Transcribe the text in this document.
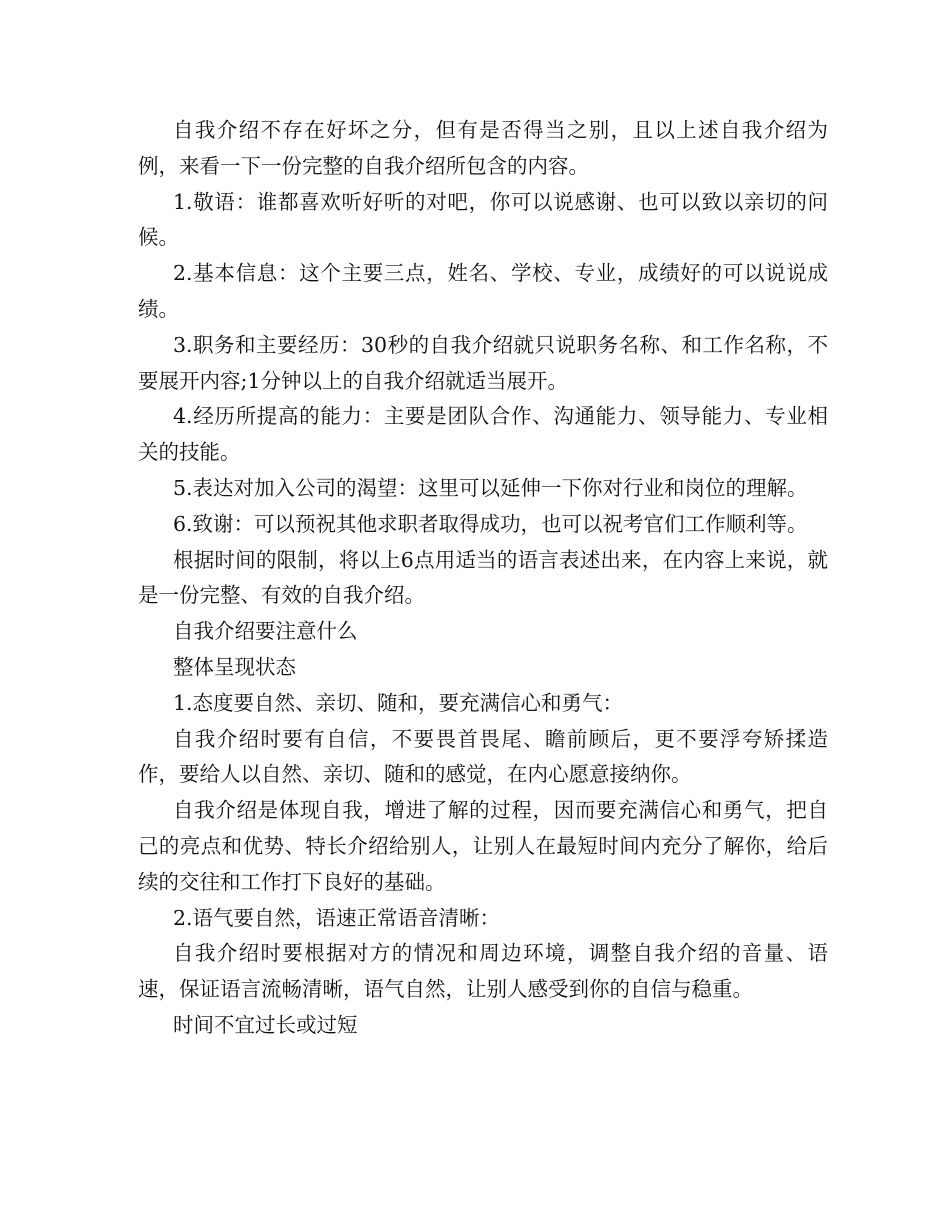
自我介绍不存在好坏之分，但有是否得当之别，且以上述自我介绍为例，来看一下一份完整的自我介绍所包含的内容。

1.敬语：谁都喜欢听好听的对吧，你可以说感谢、也可以致以亲切的问候。

2.基本信息：这个主要三点，姓名、学校、专业，成绩好的可以说说成绩。

3.职务和主要经历：30秒的自我介绍就只说职务名称、和工作名称，不要展开内容;1分钟以上的自我介绍就适当展开。

4.经历所提高的能力：主要是团队合作、沟通能力、领导能力、专业相关的技能。

5.表达对加入公司的渴望：这里可以延伸一下你对行业和岗位的理解。

6.致谢：可以预祝其他求职者取得成功，也可以祝考官们工作顺利等。

根据时间的限制，将以上6点用适当的语言表述出来，在内容上来说，就是一份完整、有效的自我介绍。

自我介绍要注意什么

整体呈现状态

1.态度要自然、亲切、随和，要充满信心和勇气：

自我介绍时要有自信，不要畏首畏尾、瞻前顾后，更不要浮夸矫揉造作，要给人以自然、亲切、随和的感觉，在内心愿意接纳你。

自我介绍是体现自我，增进了解的过程，因而要充满信心和勇气，把自己的亮点和优势、特长介绍给别人，让别人在最短时间内充分了解你，给后续的交往和工作打下良好的基础。

2.语气要自然，语速正常语音清晰：

自我介绍时要根据对方的情况和周边环境，调整自我介绍的音量、语速，保证语言流畅清晰，语气自然，让别人感受到你的自信与稳重。

时间不宜过长或过短
